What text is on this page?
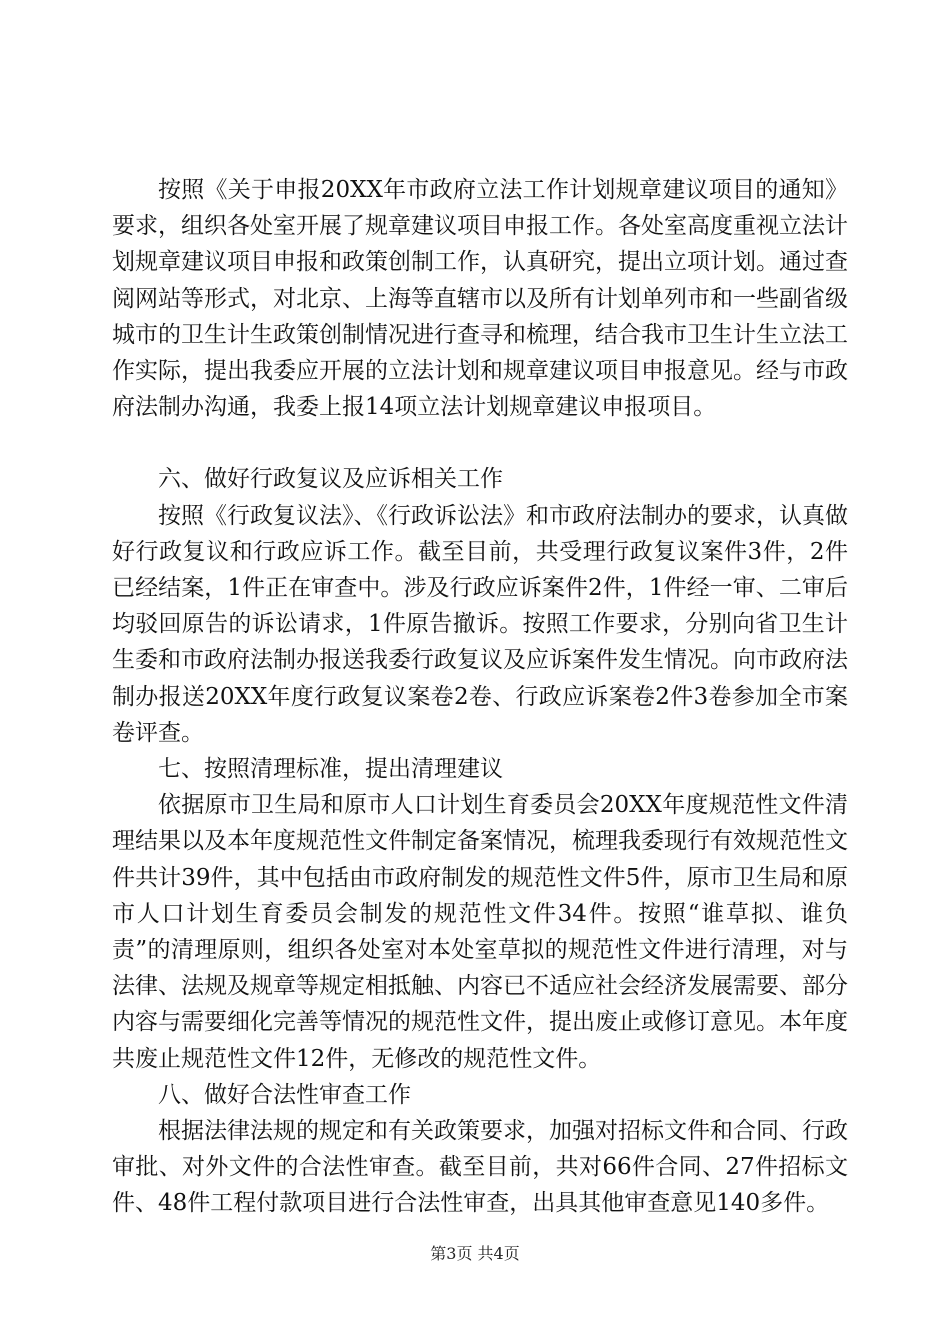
按照《关于申报20XX年市政府立法工作计划规章建议项目的通知》要求，组织各处室开展了规章建议项目申报工作。各处室高度重视立法计划规章建议项目申报和政策创制工作，认真研究，提出立项计划。通过查阅网站等形式，对北京、上海等直辖市以及所有计划单列市和一些副省级城市的卫生计生政策创制情况进行查寻和梳理，结合我市卫生计生立法工作实际，提出我委应开展的立法计划和规章建议项目申报意见。经与市政府法制办沟通，我委上报14项立法计划规章建议申报项目。

六、做好行政复议及应诉相关工作

按照《行政复议法》、《行政诉讼法》和市政府法制办的要求，认真做好行政复议和行政应诉工作。截至目前，共受理行政复议案件3件，2件已经结案，1件正在审查中。涉及行政应诉案件2件，1件经一审、二审后均驳回原告的诉讼请求，1件原告撤诉。按照工作要求，分别向省卫生计生委和市政府法制办报送我委行政复议及应诉案件发生情况。向市政府法制办报送20XX年度行政复议案卷2卷、行政应诉案卷2件3卷参加全市案卷评查。

七、按照清理标准，提出清理建议

依据原市卫生局和原市人口计划生育委员会20XX年度规范性文件清理结果以及本年度规范性文件制定备案情况，梳理我委现行有效规范性文件共计39件，其中包括由市政府制发的规范性文件5件，原市卫生局和原市人口计划生育委员会制发的规范性文件34件。按照“谁草拟、谁负责”的清理原则，组织各处室对本处室草拟的规范性文件进行清理，对与法律、法规及规章等规定相抵触、内容已不适应社会经济发展需要、部分内容与需要细化完善等情况的规范性文件，提出废止或修订意见。本年度共废止规范性文件12件，无修改的规范性文件。

八、做好合法性审查工作

根据法律法规的规定和有关政策要求，加强对招标文件和合同、行政审批、对外文件的合法性审查。截至目前，共对66件合同、27件招标文件、48件工程付款项目进行合法性审查，出具其他审查意见140多件。

第3页 共4页
